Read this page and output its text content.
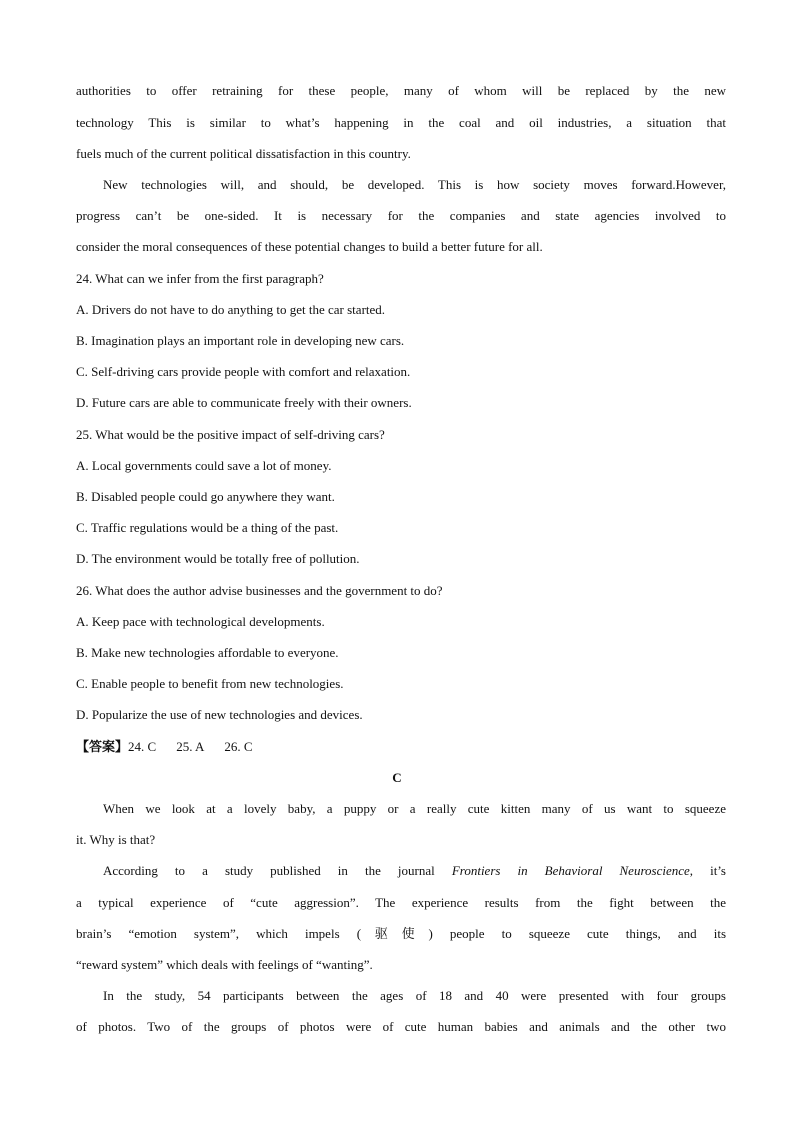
authorities to offer retraining for these people, many of whom will be replaced by the new
technology This is similar to what’s happening in the coal and oil industries, a situation that
fuels much of the current political dissatisfaction in this country.
New technologies will, and should, be developed. This is how society moves forward.However,
progress can’t be one-sided. It is necessary for the companies and state agencies involved to
consider the moral consequences of these potential changes to build a better future for all.
24. What can we infer from the first paragraph?
A. Drivers do not have to do anything to get the car started.
B. Imagination plays an important role in developing new cars.
C. Self-driving cars provide people with comfort and relaxation.
D. Future cars are able to communicate freely with their owners.
25. What would be the positive impact of self-driving cars?
A. Local governments could save a lot of money.
B. Disabled people could go anywhere they want.
C. Traffic regulations would be a thing of the past.
D. The environment would be totally free of pollution.
26. What does the author advise businesses and the government to do?
A. Keep pace with technological developments.
B. Make new technologies affordable to everyone.
C. Enable people to benefit from new technologies.
D. Popularize the use of new technologies and devices.
【答案】24. C 25. A 26. C
C
When we look at a lovely baby, a puppy or a really cute kitten many of us want to squeeze
it. Why is that?
According to a study published in the journal Frontiers in Behavioral Neuroscience, it’s
a typical experience of “cute aggression”. The experience results from the fight between the
brain’s “emotion system”, which impels (驱使) people to squeeze cute things, and its
“reward system” which deals with feelings of “wanting”.
In the study, 54 participants between the ages of 18 and 40 were presented with four groups
of photos. Two of the groups of photos were of cute human babies and animals and the other two
